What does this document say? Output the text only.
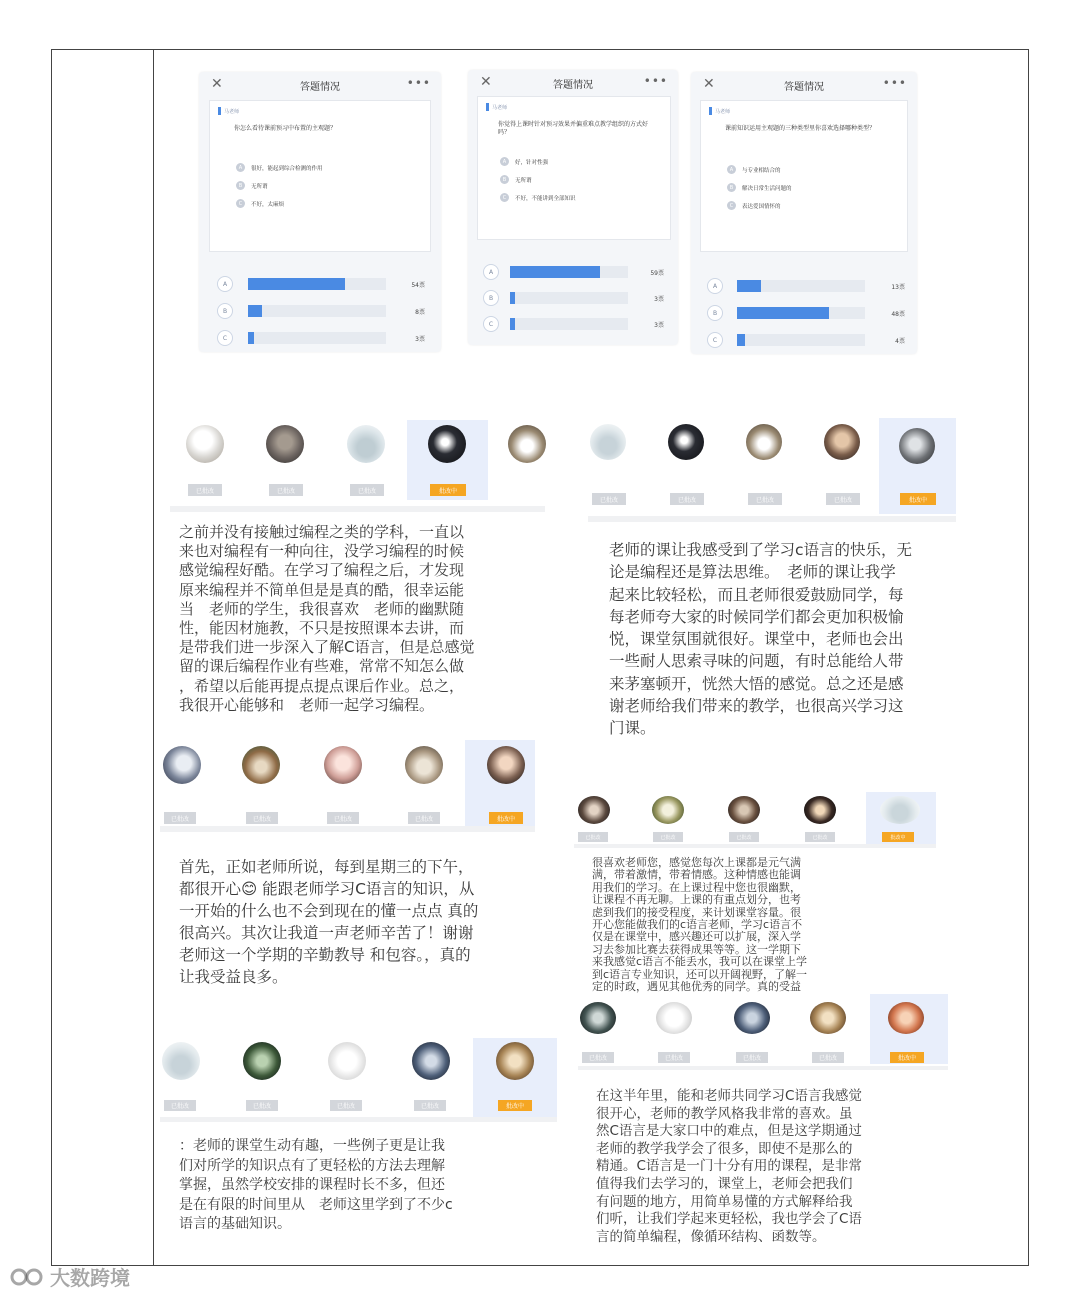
答题情况
✕	•••
马老师
你怎么看待课前预习中布置的主观题？
A	很好，能起到综合检测的作用
B	无所谓
C	不好，太麻烦
A	54票
B	8票
C	3票
答题情况
✕	•••
马老师
你觉得上课时针对预习效果并偏重难点教学组织的方式好吗？
A	好，针对性强
B	无所谓
C	不好，不能讲到全部知识
A	59票
B	3票
C	3票
答题情况
✕	•••
马老师
课前知识运用主观题的三种类型里你喜欢选择哪种类型？
A	与专业相结合的
B	解决日常生活问题的
C	表达爱国情怀的
A	13票
B	48票
C	4票
已批改	已批改	已批改	批改中
已批改	已批改	已批改	已批改	批改中
之前并没有接触过编程之类的学科，一直以
来也对编程有一种向往，没学习编程的时候
感觉编程好酷。在学习了编程之后，才发现
原来编程并不简单但是是真的酷，很幸运能
当　老师的学生，我很喜欢　老师的幽默随
性，能因材施教，不只是按照课本去讲，而
是带我们进一步深入了解C语言，但是总感觉
留的课后编程作业有些难，常常不知怎么做
，希望以后能再提点提点课后作业。总之，
我很开心能够和　老师一起学习编程。
老师的课让我感受到了学习c语言的快乐，无
论是编程还是算法思维。　老师的课让我学
起来比较轻松，而且老师很爱鼓励同学，每
每老师夸大家的时候同学们都会更加积极愉
悦，课堂氛围就很好。课堂中，老师也会出
一些耐人思索寻味的问题，有时总能给人带
来茅塞顿开，恍然大悟的感觉。总之还是感
谢老师给我们带来的教学，也很高兴学习这
门课。
已批改	已批改	已批改	已批改	批改中
已批改	已批改	已批改	已批改	批改中
首先，正如老师所说，每到星期三的下午，
都很开心😊 能跟老师学习C语言的知识，从
一开始的什么也不会到现在的懂一点点 真的
很高兴。其次让我道一声老师辛苦了！谢谢
老师这一个学期的辛勤教导 和包容。，真的
让我受益良多。
很喜欢老师您，感觉您每次上课都是元气满
满，带着激情，带着情感。这种情感也能调
用我们的学习。在上课过程中您也很幽默，
让课程不再无聊。上课的有重点划分，也考
虑到我们的接受程度，来计划课堂容量。很
开心您能做我们的c语言老师，学习c语言不
仅是在课堂中，感兴趣还可以扩展，深入学
习去参加比赛去获得成果等等。这一学期下
来我感觉c语言不能丢水，我可以在课堂上学
到c语言专业知识，还可以开阔视野，了解一
定的时政，遇见其他优秀的同学。真的受益
已批改	已批改	已批改	已批改	批改中
已批改	已批改	已批改	已批改	批改中
：老师的课堂生动有趣，一些例子更是让我
们对所学的知识点有了更轻松的方法去理解
掌握，虽然学校安排的课程时长不多，但还
是在有限的时间里从　老师这里学到了不少c
语言的基础知识。
在这半年里，能和老师共同学习C语言我感觉
很开心，老师的教学风格我非常的喜欢。虽
然C语言是大家口中的难点，但是这学期通过
老师的教学我学会了很多，即使不是那么的
精通。C语言是一门十分有用的课程，是非常
值得我们去学习的，课堂上，老师会把我们
有问题的地方，用简单易懂的方式解释给我
们听，让我们学起来更轻松，我也学会了C语
言的简单编程，像循环结构、函数等。
大数跨境
